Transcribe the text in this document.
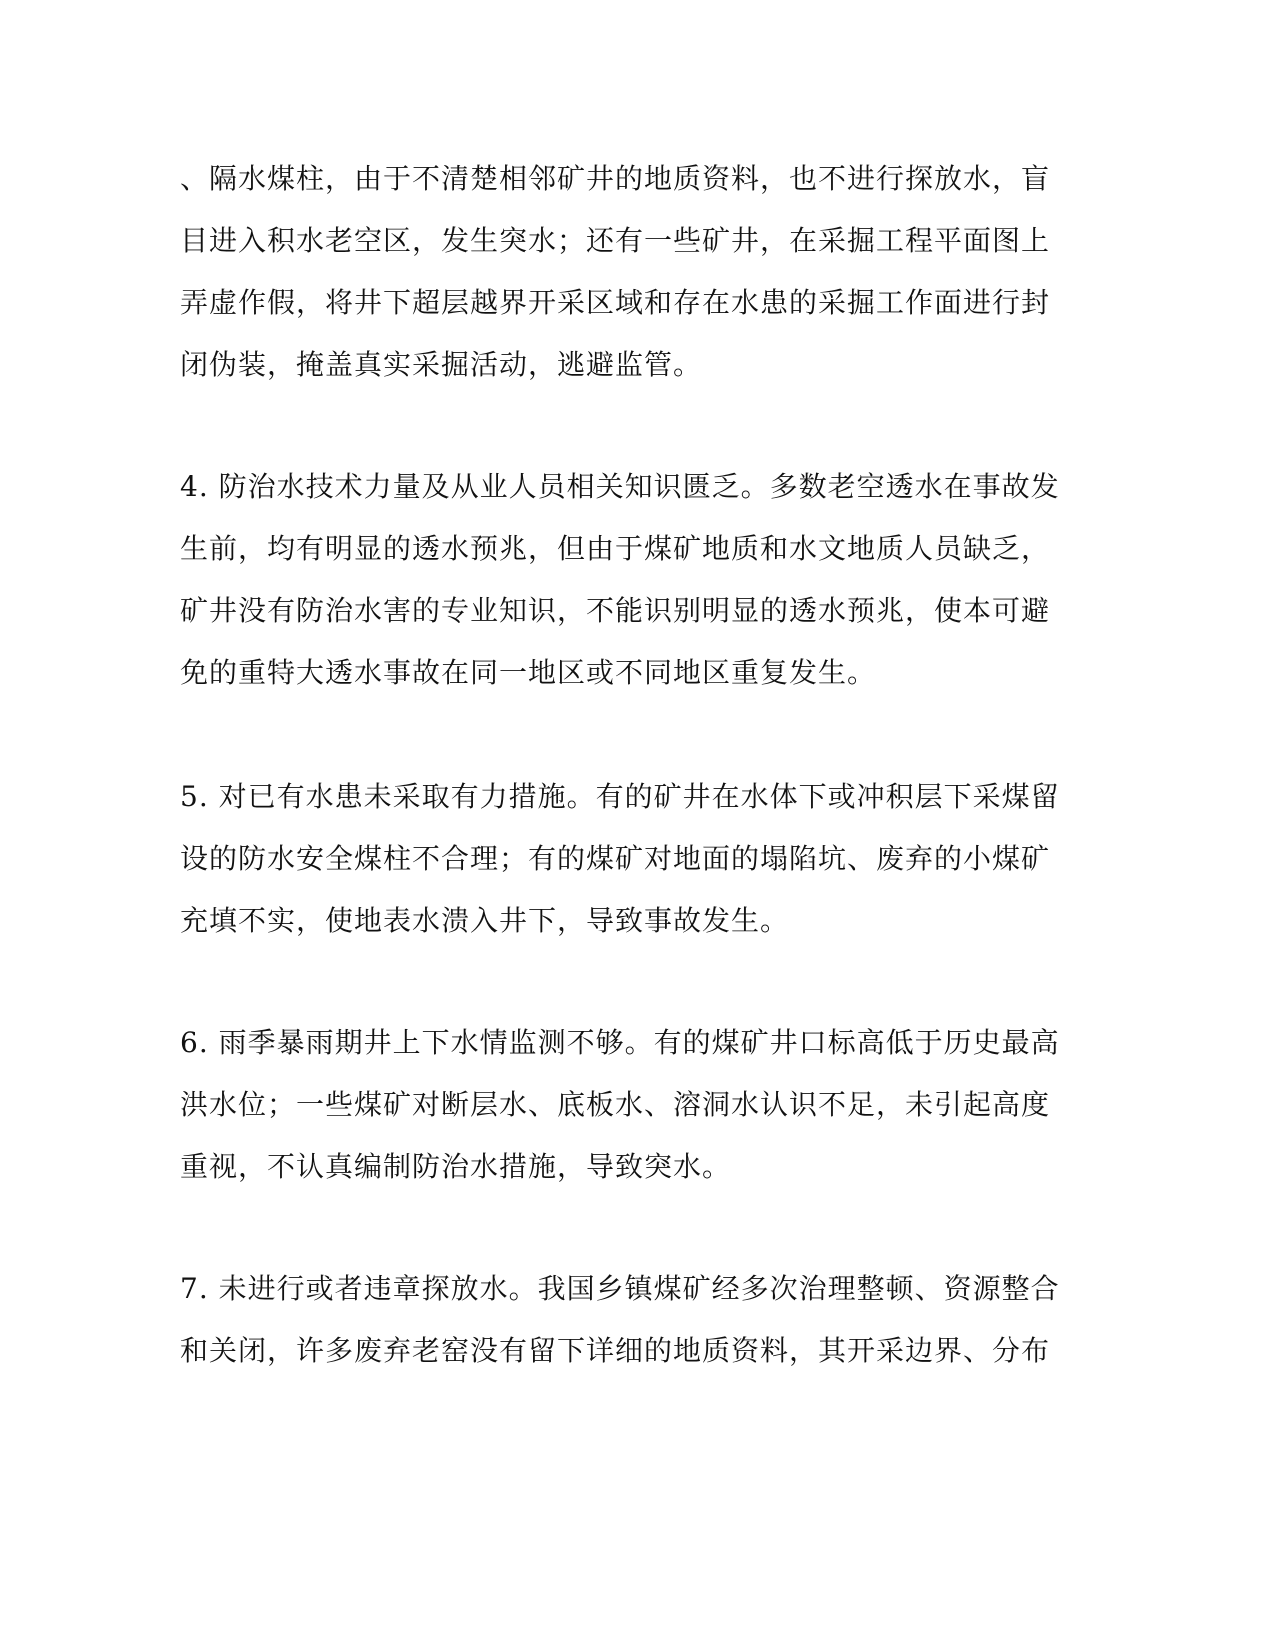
、隔水煤柱，由于不清楚相邻矿井的地质资料，也不进行探放水，盲
目进入积水老空区，发生突水；还有一些矿井，在采掘工程平面图上
弄虚作假，将井下超层越界开采区域和存在水患的采掘工作面进行封
闭伪装，掩盖真实采掘活动，逃避监管。
4. 防治水技术力量及从业人员相关知识匮乏。多数老空透水在事故发
生前，均有明显的透水预兆，但由于煤矿地质和水文地质人员缺乏，
矿井没有防治水害的专业知识，不能识别明显的透水预兆，使本可避
免的重特大透水事故在同一地区或不同地区重复发生。
5. 对已有水患未采取有力措施。有的矿井在水体下或冲积层下采煤留
设的防水安全煤柱不合理；有的煤矿对地面的塌陷坑、废弃的小煤矿
充填不实，使地表水溃入井下，导致事故发生。
6. 雨季暴雨期井上下水情监测不够。有的煤矿井口标高低于历史最高
洪水位；一些煤矿对断层水、底板水、溶洞水认识不足，未引起高度
重视，不认真编制防治水措施，导致突水。
7. 未进行或者违章探放水。我国乡镇煤矿经多次治理整顿、资源整合
和关闭，许多废弃老窑没有留下详细的地质资料，其开采边界、分布
